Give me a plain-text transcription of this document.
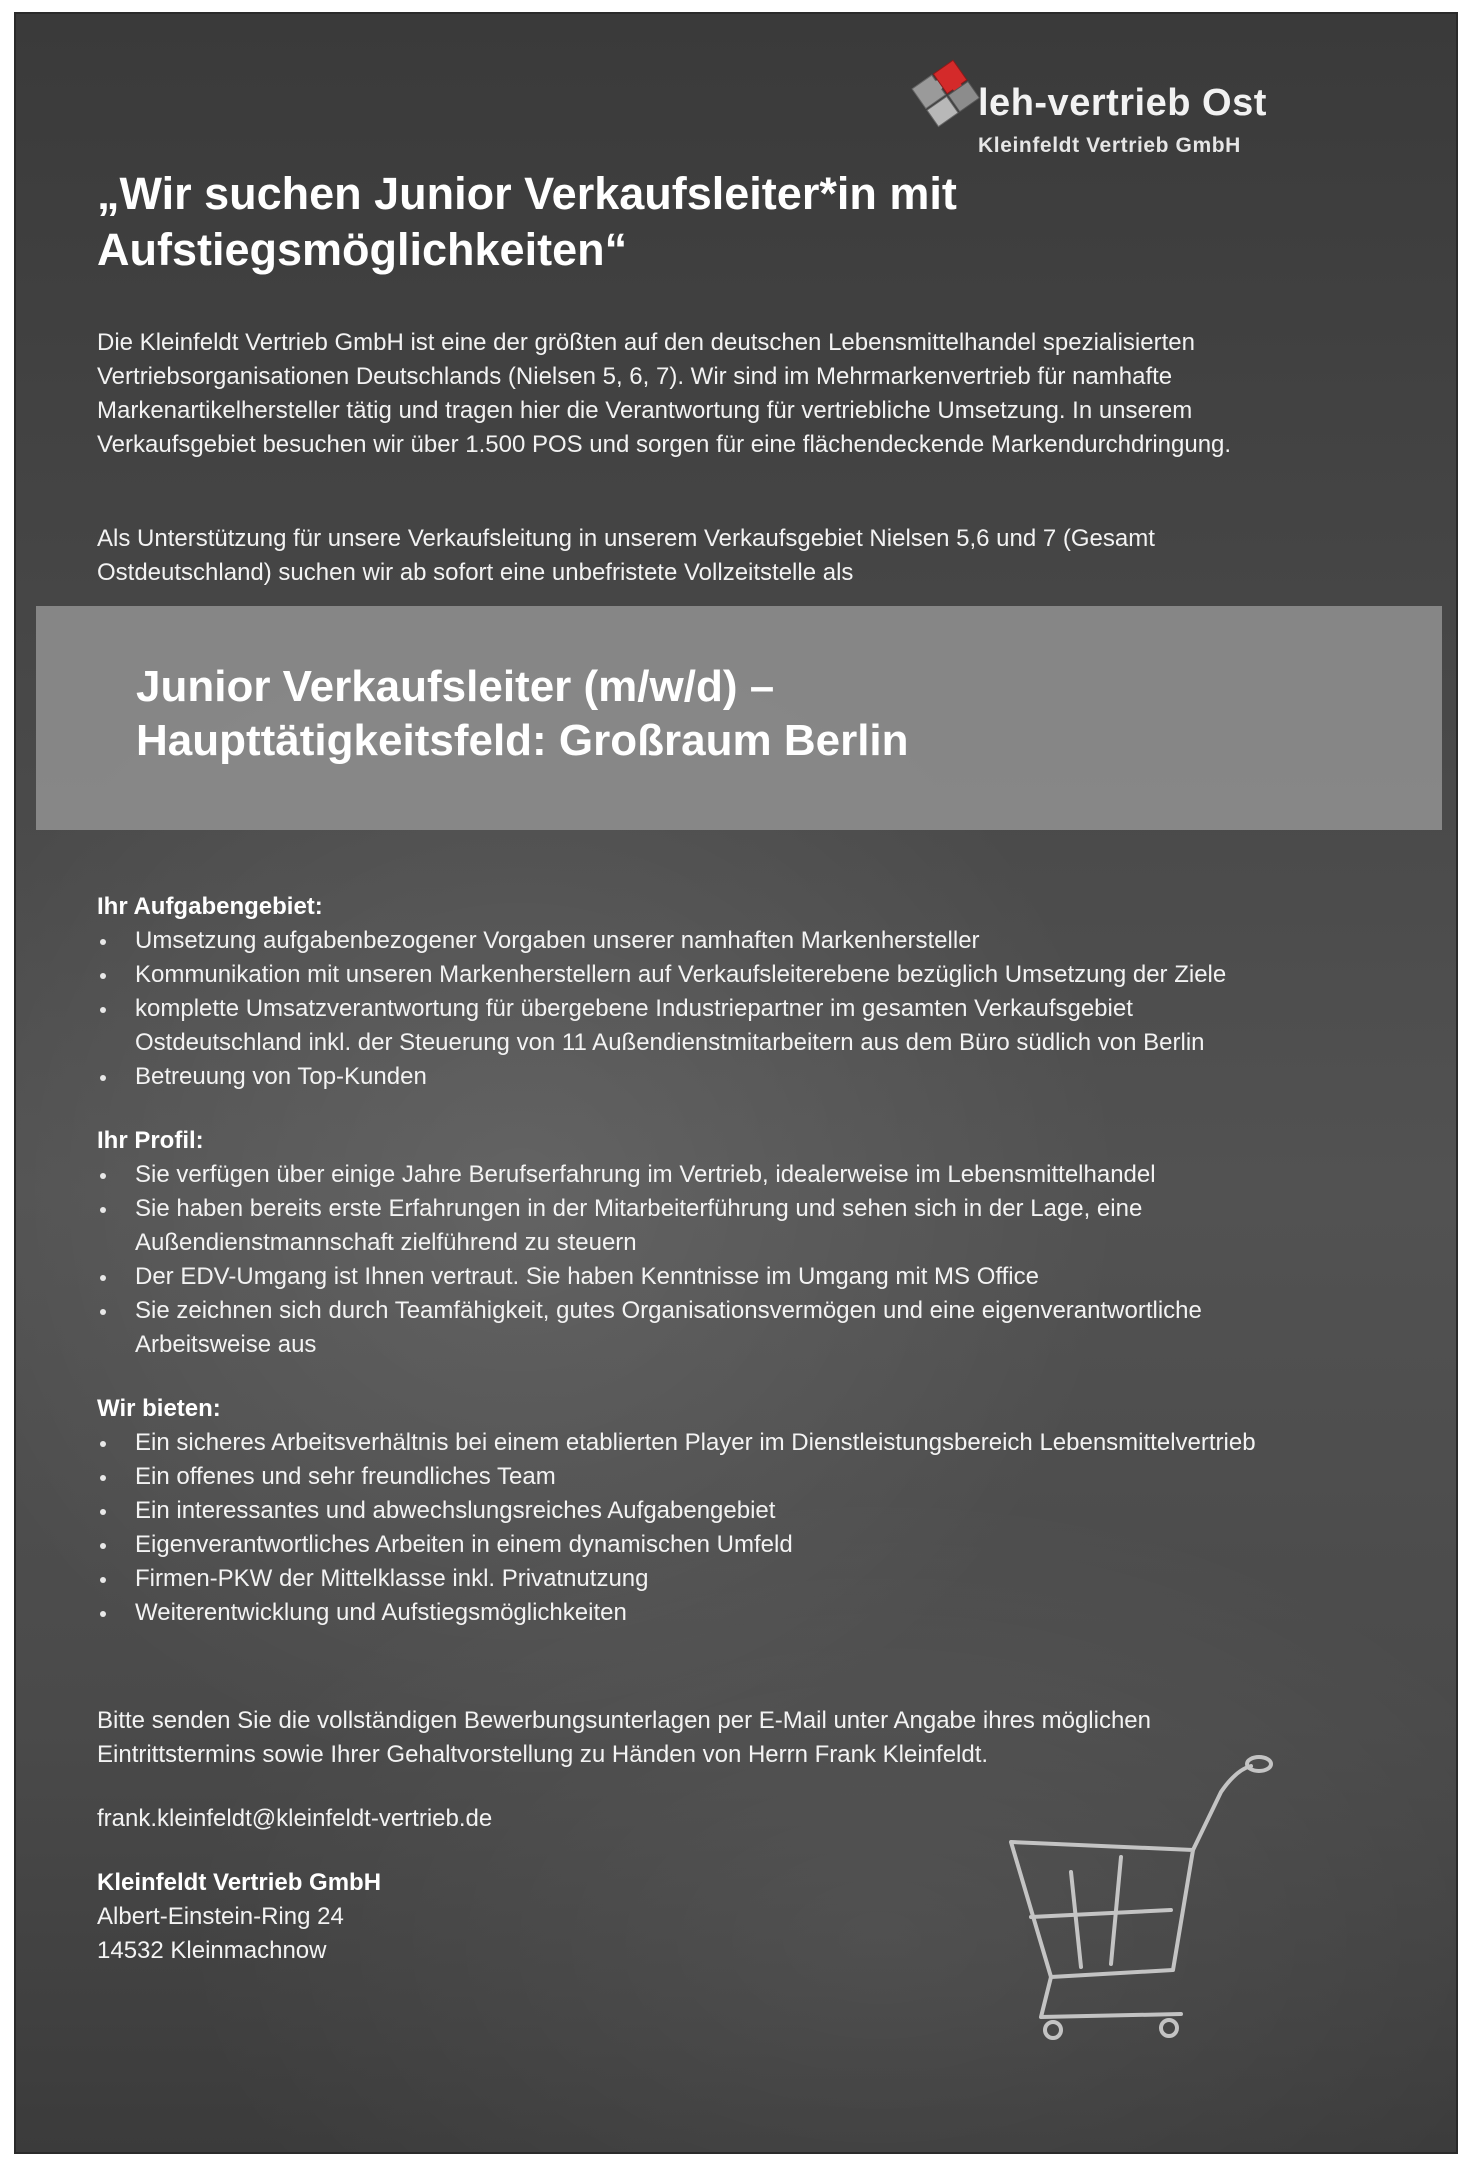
leh-vertrieb Ost
Kleinfeldt Vertrieb GmbH
„Wir suchen Junior Verkaufsleiter*in mit
Aufstiegsmöglichkeiten“
Die Kleinfeldt Vertrieb GmbH ist eine der größten auf den deutschen Lebensmittelhandel spezialisierten
Vertriebsorganisationen Deutschlands (Nielsen 5, 6, 7). Wir sind im Mehrmarkenvertrieb für namhafte
Markenartikelhersteller tätig und tragen hier die Verantwortung für vertriebliche Umsetzung. In unserem
Verkaufsgebiet besuchen wir über 1.500 POS und sorgen für eine flächendeckende Markendurchdringung.
Als Unterstützung für unsere Verkaufsleitung in unserem Verkaufsgebiet Nielsen 5,6 und 7 (Gesamt
Ostdeutschland) suchen wir ab sofort eine unbefristete Vollzeitstelle als
Junior Verkaufsleiter (m/w/d) –
Haupttätigkeitsfeld: Großraum Berlin
Ihr Aufgabengebiet:
Umsetzung aufgabenbezogener Vorgaben unserer namhaften Markenhersteller
Kommunikation mit unseren Markenherstellern auf Verkaufsleiterebene bezüglich Umsetzung der Ziele
komplette Umsatzverantwortung für übergebene Industriepartner im gesamten Verkaufsgebiet
Ostdeutschland inkl. der Steuerung von 11 Außendienstmitarbeitern aus dem Büro südlich von Berlin
Betreuung von Top-Kunden
Ihr Profil:
Sie verfügen über einige Jahre Berufserfahrung im Vertrieb, idealerweise im Lebensmittelhandel
Sie haben bereits erste Erfahrungen in der Mitarbeiterführung und sehen sich in der Lage, eine
Außendienstmannschaft zielführend zu steuern
Der EDV-Umgang ist Ihnen vertraut. Sie haben Kenntnisse im Umgang mit MS Office
Sie zeichnen sich durch Teamfähigkeit, gutes Organisationsvermögen und eine eigenverantwortliche
Arbeitsweise aus
Wir bieten:
Ein sicheres Arbeitsverhältnis bei einem etablierten Player im Dienstleistungsbereich Lebensmittelvertrieb
Ein offenes und sehr freundliches Team
Ein interessantes und abwechslungsreiches Aufgabengebiet
Eigenverantwortliches Arbeiten in einem dynamischen Umfeld
Firmen-PKW der Mittelklasse inkl. Privatnutzung
Weiterentwicklung und Aufstiegsmöglichkeiten
Bitte senden Sie die vollständigen Bewerbungsunterlagen per E-Mail unter Angabe ihres möglichen
Eintrittstermins sowie Ihrer Gehaltvorstellung zu Händen von Herrn Frank Kleinfeldt.
frank.kleinfeldt@kleinfeldt-vertrieb.de
Kleinfeldt Vertrieb GmbH
Albert-Einstein-Ring 24
14532 Kleinmachnow
